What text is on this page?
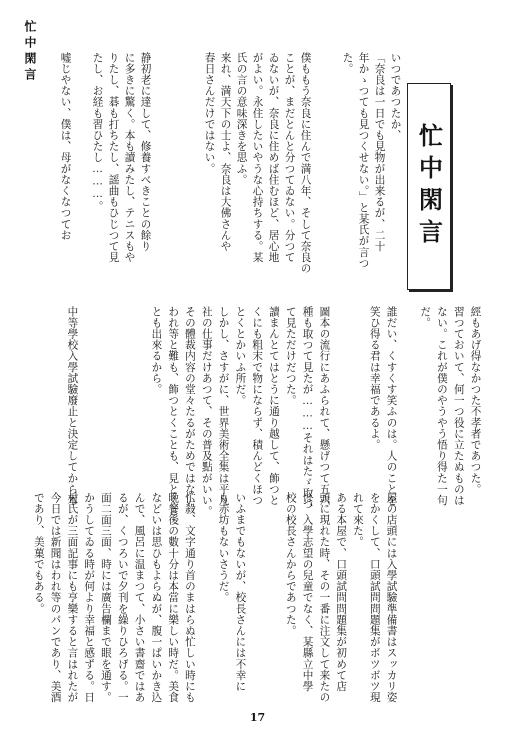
忙中閑言
忙中閑言
いつであつたか、
「奈良は一日でも見物が出来るが、二十
年かゝつても見つくせない。」と某氏が言つ
た。
僕ももう奈良に住んで満八年、そして奈良の
ことが、まだとんと分つてゐない。分つて
ゐないが、奈良に住めば住むほど、居心地
がよい。永住したいやうな心持ちする。某
氏の言の意味深きを思ふ。
来れ、満天下の士よ、奈良は大佛さんや
春日さんだけではない。
静初老に達して、修養すべきことの餘り
に多きに驚く。本も讀みたし、テニスもや
りたし、碁も打ちたし、謡曲もひじつて見
たし、お経も習ひたし………。
嘘じやない、僕は、母がなくなつてお
經もあげ得なかつた不孝者であつた。
習つておいて、何一つ役に立たぬものは
ない。これが僕のやうやう悟り得た一句
だ。
誰だい、くすくす笑ふのは。人のことを
笑ひ得る君は幸福であるよ。
圖本の流行にあふられて、懸げつて五六
種も取つて見たが………それはたゞ取つ
て見ただけだつた。
讀まんとてはとうに通り越して、飾つと
くにも粗末で物にならず、積んどくほつ
とくとかいふ所だ。
しかし、さすがに、世界美術全集は平凡
社の仕事だけあつて、その普及點がいい。
その體裁内容の堂々たるがためではない。
われ等と難も、飾つとくことも、見とくこ
とも出來るから。
中等學校入學試驗廢止と決定してから本
屋の店頭には入學試驗準備書はスッカリ姿
をかくして、口頭試問問題集がボツボツ現
れて來た。
ある本屋で、口頭試問問題集が初めて店
頭に現れた時、その一番に注文して来たの
は、入學志望の兒童でなく、某縣立中學
校の校長さんからであつた。
いふまでもないが、校長さんには不幸に
も赤坊もないさうだ。
忙殺、文字通り首のまはらぬ忙しい時にも
晩餐後の數十分は本當に樂しい時だ。美食
などいは思ひもよらぬが、腹一ぱいかき込
んで、風呂に温まつて、小さい書齋ではあ
るが、くつろいで夕刊を繰りひろげる。一
面二面三面、時には廣告欄まで眼を通す。
かうしてゐる時が何より幸福と感ずる。日
村氏が三面記事にも亨樂すると言はれたが
今日では新聞はわれ等のパンであり、美酒
であり、美菓でもある。
17
